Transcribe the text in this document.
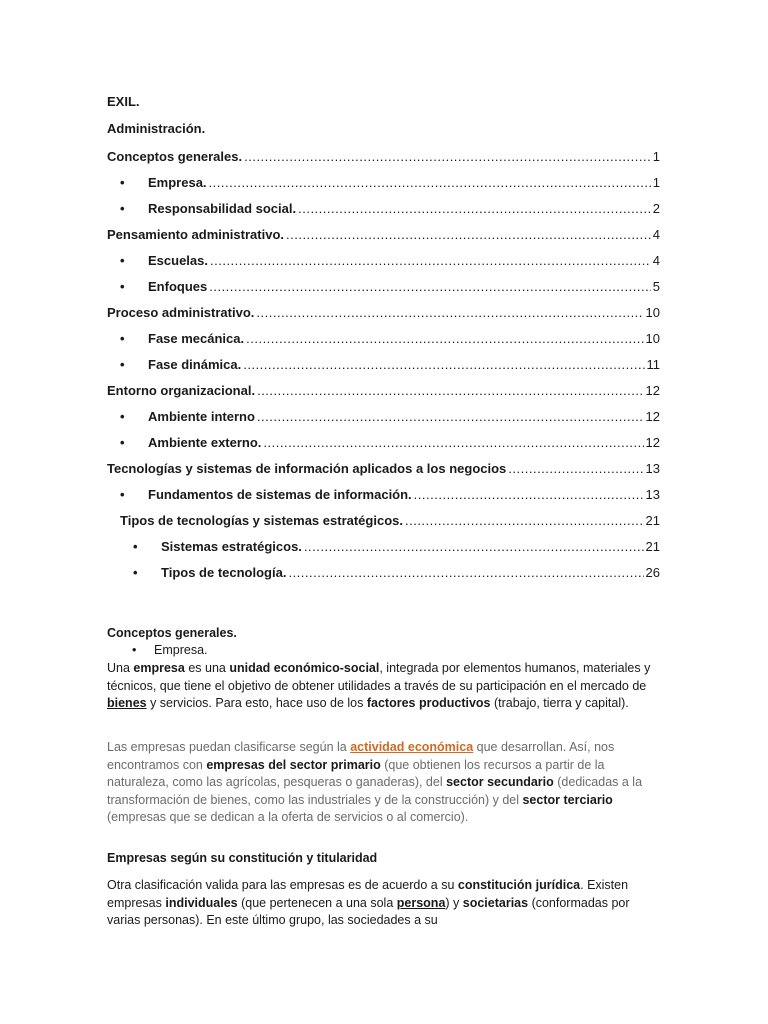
EXIL.
Administración.
Conceptos generales. .....	1
• Empresa. .....	1
• Responsabilidad social. .....	2
Pensamiento administrativo. .....	4
• Escuelas. .....	4
• Enfoques .....	5
Proceso administrativo. .....	10
• Fase mecánica. .....	10
• Fase dinámica. .....	11
Entorno organizacional. .....	12
• Ambiente interno .....	12
• Ambiente externo. .....	12
Tecnologías y sistemas de información aplicados a los negocios .....	13
• Fundamentos de sistemas de información. .....	13
Tipos de tecnologías y sistemas estratégicos. .....	21
• Sistemas estratégicos. .....	21
• Tipos de tecnología. .....	26
Conceptos generales.
• Empresa.

Una empresa es una unidad económico-social, integrada por elementos humanos, materiales y técnicos, que tiene el objetivo de obtener utilidades a través de su participación en el mercado de bienes y servicios. Para esto, hace uso de los factores productivos (trabajo, tierra y capital).

Las empresas puedan clasificarse según la actividad económica que desarrollan. Así, nos encontramos con empresas del sector primario (que obtienen los recursos a partir de la naturaleza, como las agrícolas, pesqueras o ganaderas), del sector secundario (dedicadas a la transformación de bienes, como las industriales y de la construcción) y del sector terciario (empresas que se dedican a la oferta de servicios o al comercio).

Empresas según su constitución y titularidad

Otra clasificación valida para las empresas es de acuerdo a su constitución jurídica. Existen empresas individuales (que pertenecen a una sola persona) y societarias (conformadas por varias personas). En este último grupo, las sociedades a su
